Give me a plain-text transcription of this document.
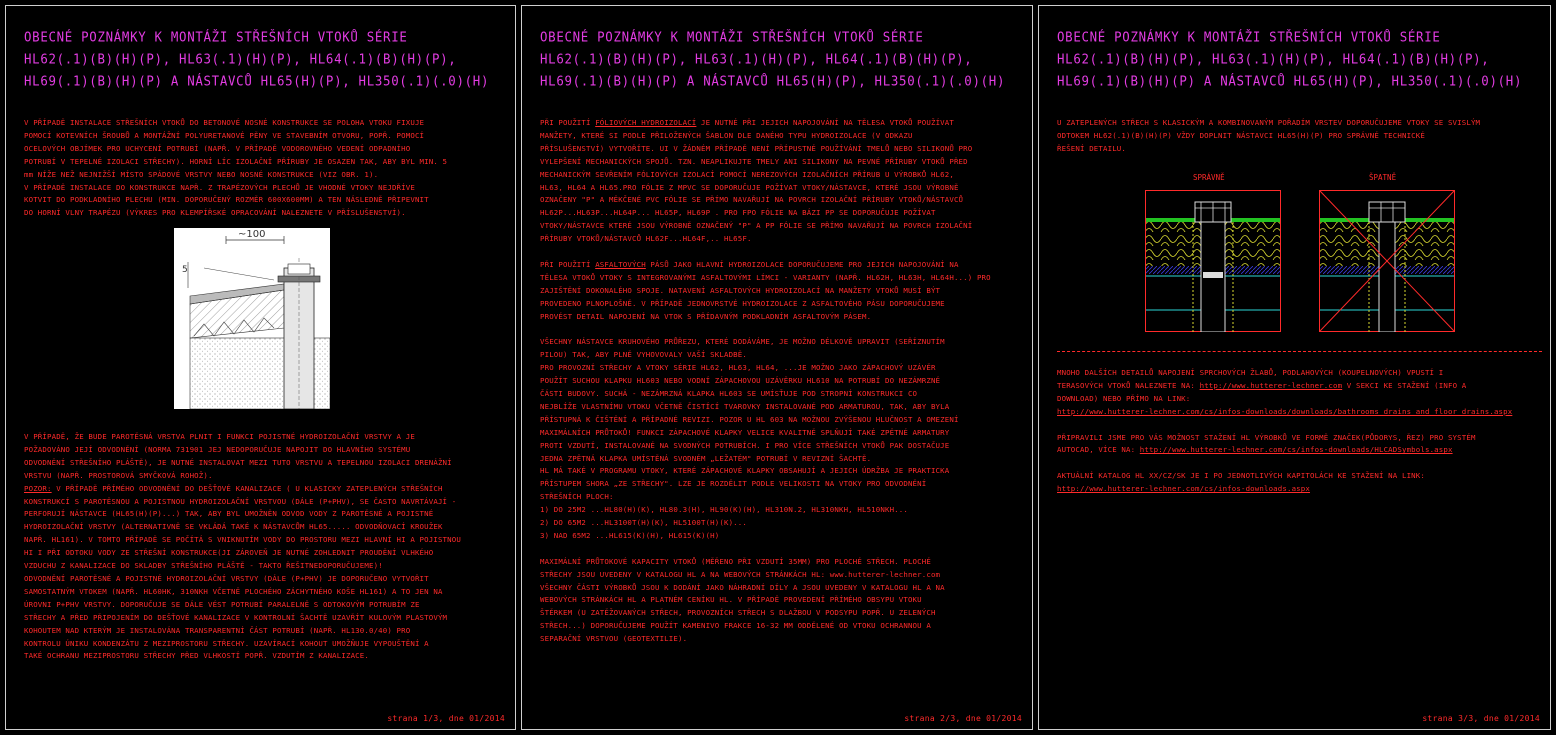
OBECNÉ POZNÁMKY K MONTÁŽI STŘEŠNÍCH VTOKŮ SÉRIE
HL62(.1)(B)(H)(P), HL63(.1)(H)(P), HL64(.1)(B)(H)(P),
HL69(.1)(B)(H)(P) A NÁSTAVCŮ HL65(H)(P), HL350(.1)(.0)(H)

V PŘÍPADĚ INSTALACE STŘEŠNÍCH VTOKŮ DO BETONOVÉ NOSNÉ KONSTRUKCE SE POLOHA VTOKU FIXUJE

POMOCÍ KOTEVNÍCH ŠROUBŮ A MONTÁŽNÍ POLYURETANOVÉ PĚNY VE STAVEBNÍM OTVORU, POPŘ. POMOCÍ

OCELOVÝCH OBJÍMEK PRO UCHYCENÍ POTRUBÍ (NAPŘ. V PŘÍPADĚ VODOROVNÉHO VEDENÍ ODPADNÍHO

POTRUBÍ V TEPELNÉ IZOLACI STŘECHY). HORNÍ LÍC IZOLAČNÍ PŘÍRUBY JE OSAZEN TAK, ABY BYL MIN. 5

mm NÍŽE NEŽ NEJNIŽŠÍ MÍSTO SPÁDOVÉ VRSTVY NEBO NOSNÉ KONSTRUKCE (VIZ OBR. 1).

V PŘÍPADĚ INSTALACE DO KONSTRUKCE NAPŘ. Z TRAPÉZOVÝCH PLECHŮ JE VHODNÉ VTOKY NEJDŘÍVE

KOTVIT DO PODKLADNÍHO PLECHU (MIN. DOPORUČENÝ ROZMĚR 600X600MM) A TEN NÁSLEDNĚ PŘIPEVNIT

DO HORNÍ VLNY TRAPÉZU (VÝKRES PRO KLEMPÍŘSKÉ OPRACOVÁNÍ NALEZNETE V PŘÍSLUŠENSTVÍ).

~100
5

V PŘÍPADĚ, ŽE BUDE PAROTĚSNÁ VRSTVA PLNIT I FUNKCI POJISTNÉ HYDROIZOLAČNÍ VRSTVY A JE

POŽADOVÁNO JEJÍ ODVODNĚNÍ (NORMA 731901 JEJ NEDOPORUČUJE NAPOJIT DO HLAVNÍHO SYSTÉMU

ODVODNĚNÍ STŘEŠNÍHO PLÁŠTĚ), JE NUTNÉ INSTALOVAT MEZI TUTO VRSTVU A TEPELNOU IZOLACI DRENÁŽNÍ

VRSTVU (NAPŘ. PROSTOROVÁ SMYČKOVÁ ROHOŽ).

POZOR: V PŘÍPADĚ PŘÍMÉHO ODVODNĚNÍ DO DEŠŤOVÉ KANALIZACE ( U KLASICKY ZATEPLENÝCH STŘEŠNÍCH

KONSTRUKCÍ S PAROTĚSNOU A POJISTNOU HYDROIZOLAČNÍ VRSTVOU (DÁLE (P+PHV), SE ČASTO NAVRTÁVAJÍ -

PERFORUJÍ NÁSTAVCE (HL65(H)(P)...) TAK, ABY BYL UMOŽNĚN ODVOD VODY Z PAROTĚSNÉ A POJISTNÉ

HYDROIZOLAČNÍ VRSTVY (ALTERNATIVNĚ SE VKLÁDÁ TAKÉ K NÁSTAVCŮM HL65..... ODVODŇOVACÍ KROUŽEK

NAPŘ. HL161). V TOMTO PŘÍPADĚ SE POČÍTÁ S VNIKNUTÍM VODY DO PROSTORU MEZI HLAVNÍ HI A POJISTNOU

HI I PŘI ODTOKU VODY ZE STŘEŠNÍ KONSTRUKCE(JI ZÁROVEŇ JE NUTNÉ ZOHLEDNIT PROUDĚNÍ VLHKÉHO

VZDUCHU Z KANALIZACE DO SKLADBY STŘEŠNÍHO PLÁŠTĚ - TAKTO ŘEŠITNEDOPORUČUJEME)!

ODVODNĚNÍ PAROTĚSNÉ A POJISTNÉ HYDROIZOLAČNÍ VRSTVY (DÁLE (P+PHV) JE DOPORUČENO VYTVOŘIT

SAMOSTATNÝM VTOKEM (NAPŘ. HL60HK, 310NKH VČETNĚ PLOCHÉHO ZÁCHYTNÉHO KOŠE HL161) A TO JEN NA

ÚROVNI P+PHV VRSTVY. DOPORUČUJE SE DÁLE VÉST POTRUBÍ PARALELNĚ S ODTOKOVÝM POTRUBÍM ZE

STŘECHY A PŘED PŘIPOJENÍM DO DEŠŤOVÉ KANALIZACE V KONTROLNÍ ŠACHTĚ UZAVŘÍT KULOVÝM PLASTOVÝM

KOHOUTEM NAD KTERÝM JE INSTALOVÁNA TRANSPARENTNÍ ČÁST POTRUBÍ (NAPŘ. HL130.0/40) PRO

KONTROLU ÚNIKU KONDENZÁTU Z MEZIPROSTORU STŘECHY. UZAVÍRACÍ KOHOUT UMOŽŇUJE VYPOUŠTĚNÍ A

TAKÉ OCHRANU MEZIPROSTORU STŘECHY PŘED VLHKOSTÍ POPŘ. VZDUTÍM Z KANALIZACE.

strana 1/3, dne 01/2014
OBECNÉ POZNÁMKY K MONTÁŽI STŘEŠNÍCH VTOKŮ SÉRIE
HL62(.1)(B)(H)(P), HL63(.1)(H)(P), HL64(.1)(B)(H)(P),
HL69(.1)(B)(H)(P) A NÁSTAVCŮ HL65(H)(P), HL350(.1)(.0)(H)

PŘI POUŽITÍ FÓLIOVÝCH HYDROIZOLACÍ JE NUTNÉ PŘI JEJICH NAPOJOVÁNÍ NA TĚLESA VTOKŮ POUŽÍVAT

MANŽETY, KTERÉ SI PODLE PŘILOŽENÝCH ŠABLON DLE DANÉHO TYPU HYDROIZOLACE (V ODKAZU

PŘÍSLUŠENSTVÍ) VYTVOŘÍTE. UI V ŽÁDNÉM PŘÍPADĚ NENÍ PŘÍPUSTNÉ POUŽÍVÁNÍ TMELŮ NEBO SILIKONŮ PRO

VYLEPŠENÍ MECHANICKÝCH SPOJŮ. TZN. NEAPLIKUJTE TMELY ANI SILIKONY NA PEVNÉ PŘÍRUBY VTOKŮ PŘED

MECHANICKÝM SEVŘENÍM FÓLIOVÝCH IZOLACÍ POMOCÍ NEREZOVÝCH IZOLAČNÍCH PŘÍRUB U VÝROBKŮ HL62,

HL63, HL64 A HL65.PRO FÓLIE Z MPVC SE DOPORUČUJE POŽÍVAT VTOKY/NÁSTAVCE, KTERÉ JSOU VÝROBNĚ

OZNAČENY "P" A MĚKČENÉ PVC FÓLIE SE PŘÍMO NAVAŘUJÍ NA POVRCH IZOLAČNÍ PŘÍRUBY VTOKŮ/NÁSTAVCŮ

HL62P...HL63P...HL64P... HL65P, HL69P . PRO FPO FÓLIE NA BÁZI PP SE DOPORUČUJE POŽÍVAT

VTOKY/NÁSTAVCE KTERÉ JSOU VÝROBNĚ OZNAČENÝ "P" A PP FÓLIE SE PŘÍMO NAVAŘUJÍ NA POVRCH IZOLAČNÍ

PŘÍRUBY VTOKŮ/NÁSTAVCŮ HL62F...HL64F,.. HL65F.

PŘI POUŽITÍ ASFALTOVÝCH PÁSŮ JAKO HLAVNÍ HYDROIZOLACE DOPORUČUJEME PRO JEJICH NAPOJOVÁNÍ NA

TĚLESA VTOKŮ VTOKY S INTEGROVANÝMI ASFALTOVÝMI LÍMCI - VARIANTY (NAPŘ. HL62H, HL63H, HL64H...) PRO

ZAJIŠTĚNÍ DOKONALÉHO SPOJE. NATAVENÍ ASFALTOVÝCH HYDROIZOLACÍ NA MANŽETY VTOKŮ MUSÍ BÝT

PROVEDENO PLNOPLOŠNĚ. V PŘÍPADĚ JEDNOVRSTVÉ HYDROIZOLACE Z ASFALTOVÉHO PÁSU DOPORUČUJEME

PROVÉST DETAIL NAPOJENÍ NA VTOK S PŘÍDAVNÝM PODKLADNÍM ASFALTOVÝM PÁSEM.

VŠECHNY NÁSTAVCE KRUHOVÉHO PRŮŘEZU, KTERÉ DODÁVÁME, JE MOŽNO DÉLKOVĚ UPRAVIT (SEŘÍZNUTÍM

PILOU) TAK, ABY PLNĚ VYHOVOVALY VAŠÍ SKLADBĚ.

PRO PROVOZNÍ STŘECHY A VTOKY SÉRIE HL62, HL63, HL64, ...JE MOŽNO JAKO ZÁPACHOVÝ UZÁVĚR

POUŽÍT SUCHOU KLAPKU HL603 NEBO VODNÍ ZÁPACHOVOU UZÁVĚRKU HL610 NA POTRUBÍ DO NEZÁMRZNÉ

ČÁSTI BUDOVY. SUCHÁ - NEZÁMRZNÁ KLAPKA HL603 SE UMÍSŤUJE POD STROPNÍ KONSTRUKCI CO

NEJBLÍŽE VLASTNÍMU VTOKU VČETNĚ ČISTÍCÍ TVAROVKY INSTALOVANÉ POD ARMATUROU, TAK, ABY BYLA

PŘÍSTUPNÁ K ČIŠTĚNÍ A PŘÍPADNÉ REVIZI. POZOR U HL 603 NA MOŽNOU ZVÝŠENOU HLUČNOST A OMEZENÍ

MAXIMÁLNÍCH PRŮTOKŮ! FUNKCI ZÁPACHOVÉ KLAPKY VELICE KVALITNĚ SPLŇUJÍ TAKÉ ZPĚTNÉ ARMATURY

PROTI VZDUTÍ, INSTALOVANÉ NA SVODNÝCH POTRUBÍCH. I PRO VÍCE STŘEŠNÍCH VTOKŮ PAK DOSTAČUJE

JEDNA ZPĚTNÁ KLAPKA UMÍSTĚNÁ SVODNÉM „LEŽATÉM" POTRUBÍ V REVIZNÍ ŠACHTĚ.

HL MÁ TAKÉ V PROGRAMU VTOKY, KTERÉ ZÁPACHOVÉ KLAPKY OBSAHUJÍ A JEJICH ÚDRŽBA JE PRAKTICKA

PŘÍSTUPEM SHORA „ZE STŘECHY". LZE JE ROZDĚLIT PODLE VELIKOSTI NA VTOKY PRO ODVODNĚNÍ

STŘEŠNÍCH PLOCH:

1) DO 25M2 ...HL80(H)(K), HL80.3(H), HL90(K)(H), HL310N.2, HL310NKH, HL510NKH...

2) DO 65M2 ...HL3100T(H)(K), HL5100T(H)(K)...

3) NAD 65M2 ...HL615(K)(H), HL615(K)(H)

MAXIMÁLNÍ PRŮTOKOVÉ KAPACITY VTOKŮ (MĚŘENO PŘI VZDUTÍ 35MM) PRO PLOCHÉ STŘECH. PLOCHÉ

STŘECHY JSOU UVEDENY V KATALOGU HL A NA WEBOVÝCH STRÁNKÁCH HL: www.hutterer-lechner.com

VŠECHNY ČÁSTI VÝROBKŮ JSOU K DODÁNÍ JAKO NÁHRADNÍ DÍLY A JSOU UVEDENY V KATALOGU HL A NA

WEBOVÝCH STRÁNKÁCH HL A PLATNÉM CENÍKU HL. V PŘÍPADĚ PROVEDENÍ PŘÍMÉHO OBSYPU VTOKU

ŠTĚRKEM (U ZATĚŽOVANÝCH STŘECH, PROVOZNÍCH STŘECH S DLAŽBOU V PODSYPU POPŘ. U ZELENÝCH

STŘECH...) DOPORUČUJEME POUŽÍT KAMENIVO FRAKCE 16-32 MM ODDĚLENÉ OD VTOKU OCHRANNOU A

SEPARAČNÍ VRSTVOU (GEOTEXTILIE).

strana 2/3, dne 01/2014
OBECNÉ POZNÁMKY K MONTÁŽI STŘEŠNÍCH VTOKŮ SÉRIE
HL62(.1)(B)(H)(P), HL63(.1)(H)(P), HL64(.1)(B)(H)(P),
HL69(.1)(B)(H)(P) A NÁSTAVCŮ HL65(H)(P), HL350(.1)(.0)(H)

U ZATEPLENÝCH STŘECH S KLASICKÝM A KOMBINOVANÝM POŘADÍM VRSTEV DOPORUČUJEME VTOKY SE SVISLÝM

ODTOKEM HL62(.1)(B)(H)(P) VŽDY DOPLNIT NÁSTAVCI HL65(H)(P) PRO SPRÁVNÉ TECHNICKÉ

ŘEŠENÍ DETAILU.

SPRÁVNĚ	ŠPATNĚ

MNOHO DALŠÍCH DETAILŮ NAPOJENÍ SPRCHOVÝCH ŽLABŮ, PODLAHOVÝCH (KOUPELNOVÝCH) VPUSTÍ I

TERASOVÝCH VTOKŮ NALEZNETE NA: http://www.hutterer-lechner.com V SEKCI KE STAŽENÍ (INFO A

DOWNLOAD) NEBO PŘÍMO NA LINK:

http://www.hutterer-lechner.com/cs/infos-downloads/downloads/bathrooms_drains_and_floor_drains.aspx

PŘIPRAVILI JSME PRO VÁS MOŽNOST STAŽENÍ HL VÝROBKŮ VE FORMĚ ZNAČEK(PŮDORYS, ŘEZ) PRO SYSTÉM

AUTOCAD, VÍCE NA: http://www.hutterer-lechner.com/cs/infos-downloads/HLCADSymbols.aspx

AKTUÁLNÍ KATALOG HL XX/CZ/SK JE I PO JEDNOTLIVÝCH KAPITOLÁCH KE STAŽENÍ NA LINK:

http://www.hutterer-lechner.com/cs/infos-downloads.aspx

strana 3/3, dne 01/2014
